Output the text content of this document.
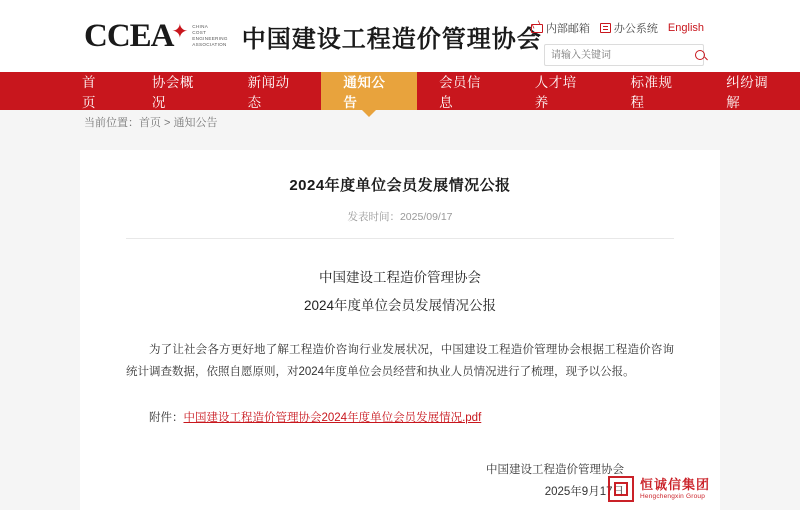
CCEA
✦ CHINA
COST
ENGINEERING
ASSOCIATION 中国建设工程造价管理协会 内部邮箱 办公系统 English
请输入关键词
首页
协会概况
新闻动态
通知公告
会员信息
人才培养
标准规程
纠纷调解
当前位置：首页 > 通知公告
2024年度单位会员发展情况公报
发表时间：2025/09/17
中国建设工程造价管理协会
2024年度单位会员发展情况公报
为了让社会各方更好地了解工程造价咨询行业发展状况，中国建设工程造价管理协会根据工程造价咨询统计调查数据，依照自愿原则，对2024年度单位会员经营和执业人员情况进行了梳理，现予以公报。
附件：中国建设工程造价管理协会2024年度单位会员发展情况.pdf
中国建设工程造价管理协会
2025年9月17日
恒诚信集团
Hengchengxin Group
